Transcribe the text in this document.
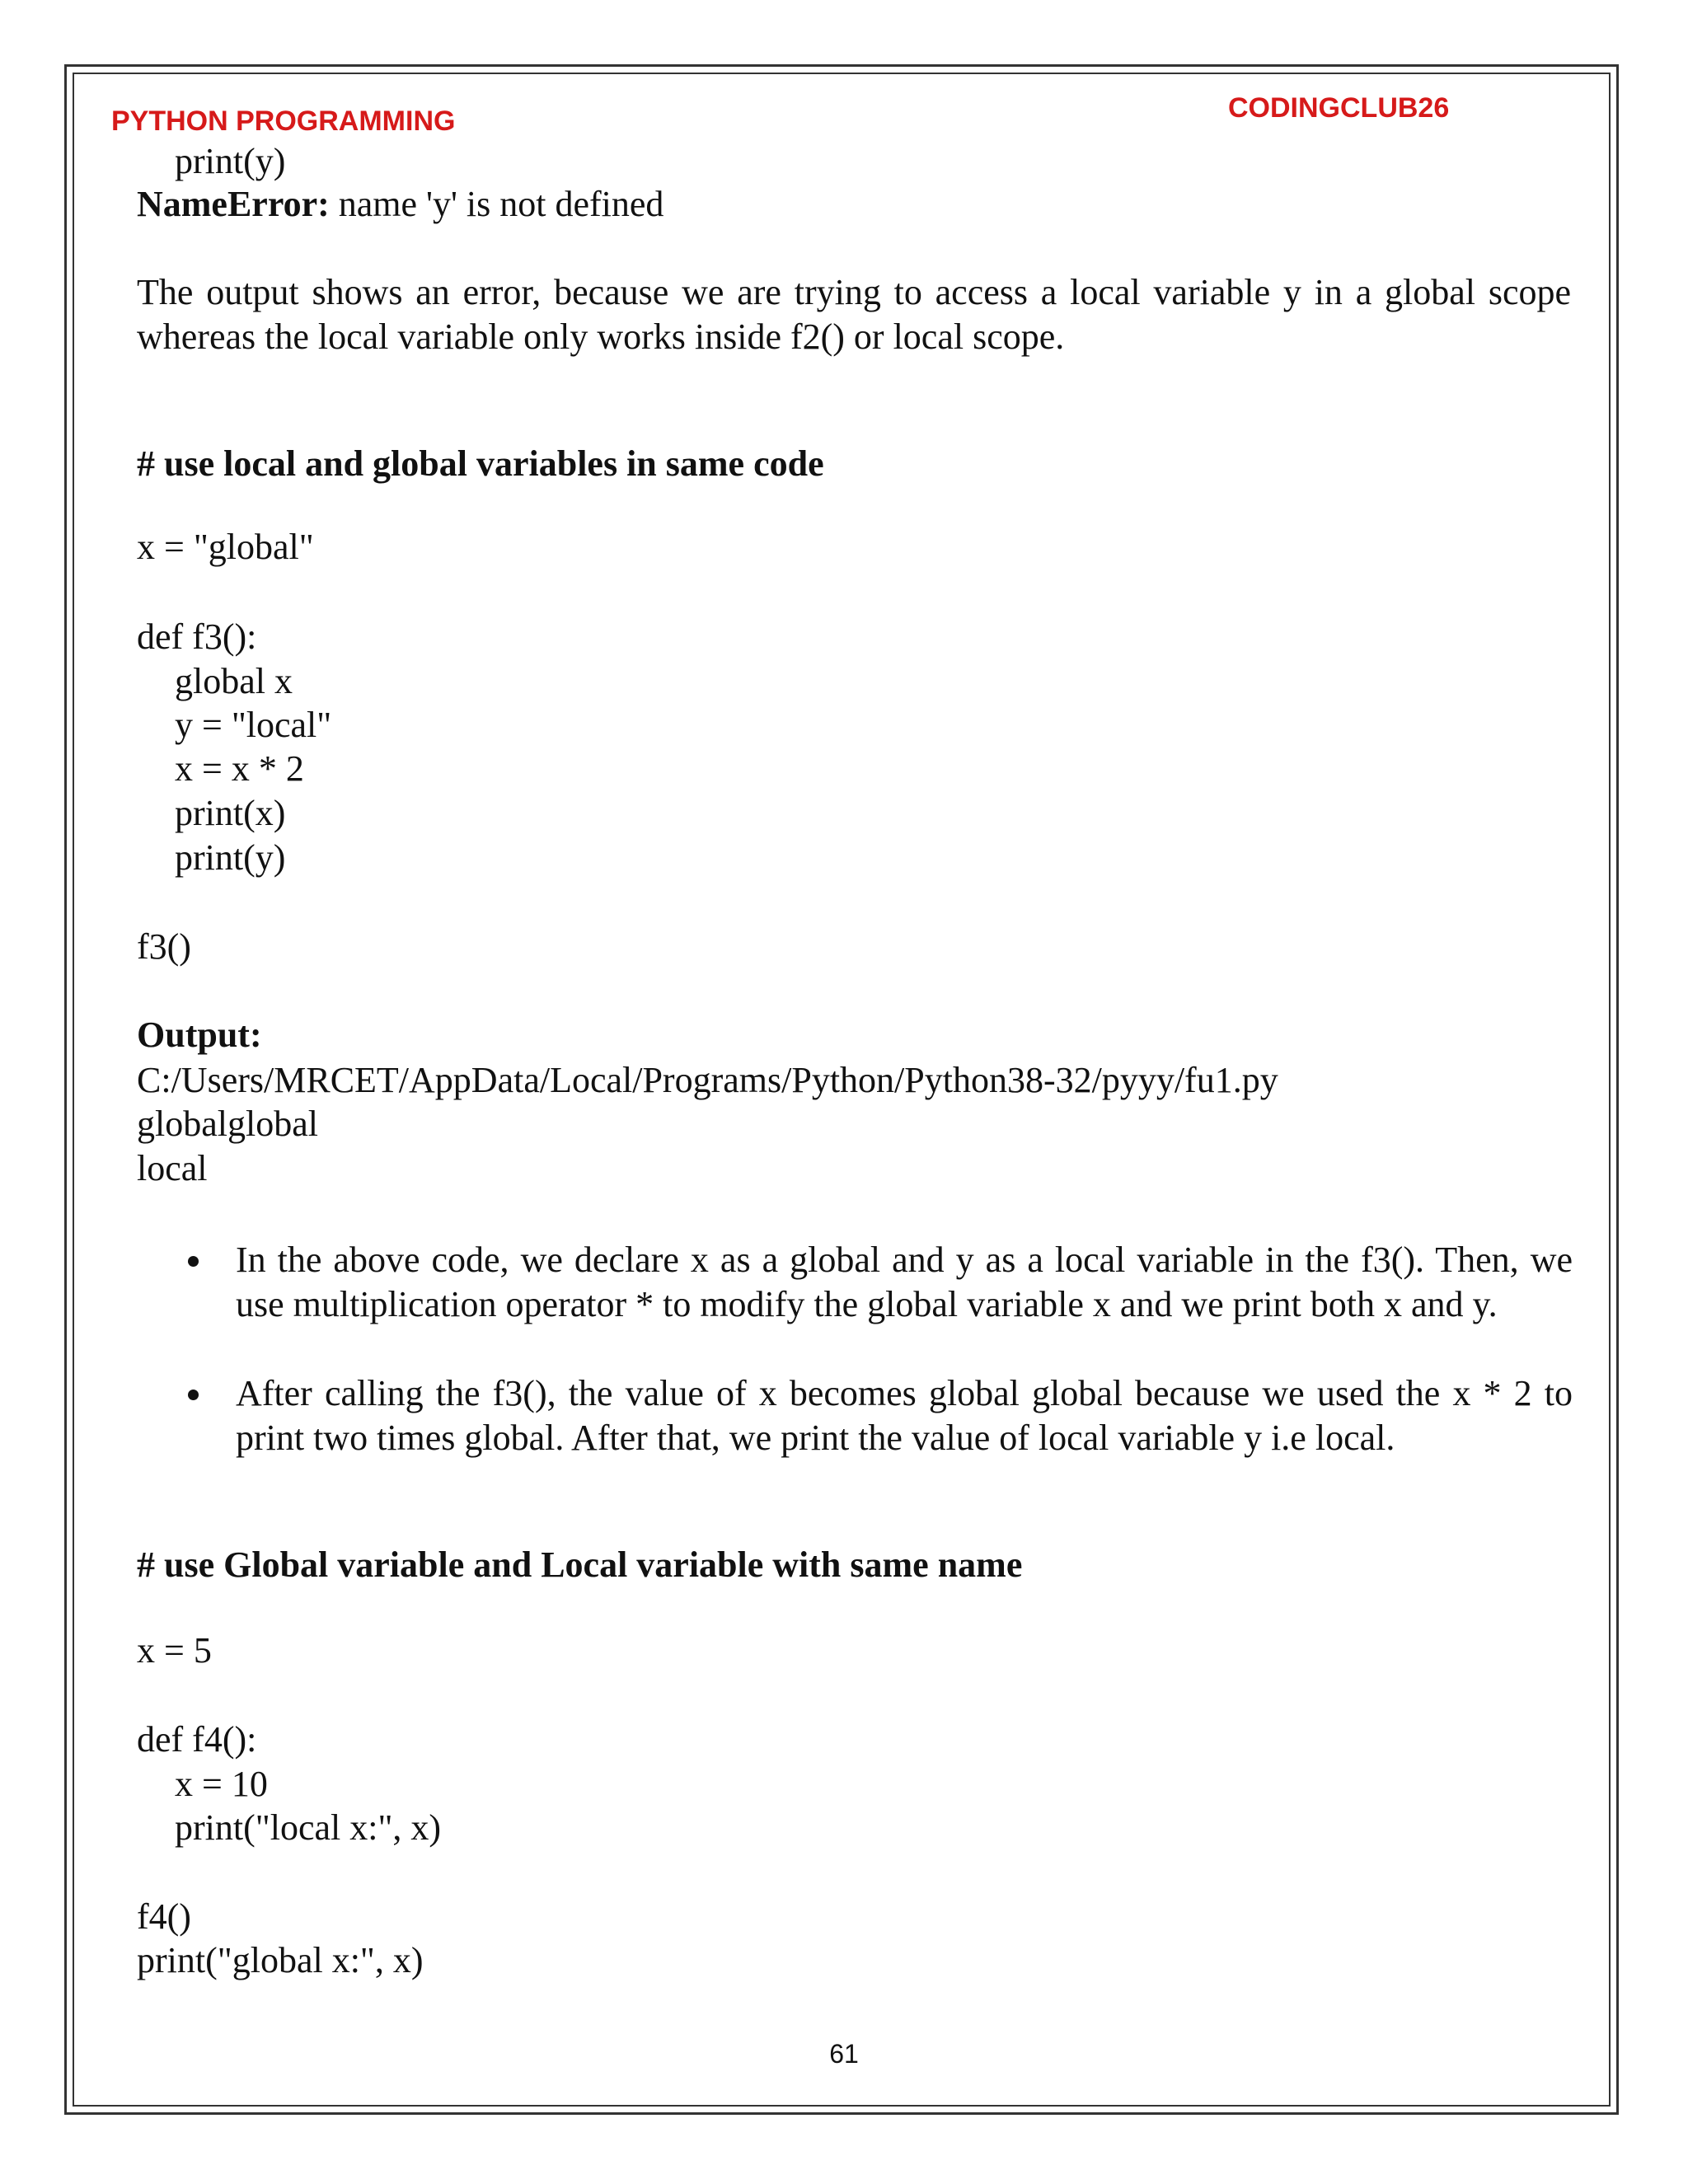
PYTHON PROGRAMMING	CODINGCLUB26
print(y)
NameError: name 'y' is not defined
The output shows an error, because we are trying to access a local variable y in a global scope whereas the local variable only works inside f2() or local scope.
# use local and global variables in same code
x = "global"
def f3():
global x
y = "local"
x = x * 2
print(x)
print(y)
f3()
Output:
C:/Users/MRCET/AppData/Local/Programs/Python/Python38-32/pyyy/fu1.py
globalglobal
local
In the above code, we declare x as a global and y as a local variable in the f3(). Then, we use multiplication operator * to modify the global variable x and we print both x and y.
After calling the f3(), the value of x becomes global global because we used the x * 2 to print two times global. After that, we print the value of local variable y i.e local.
# use Global variable and Local variable with same name
x = 5
def f4():
x = 10
print("local x:", x)
f4()
print("global x:", x)
61
